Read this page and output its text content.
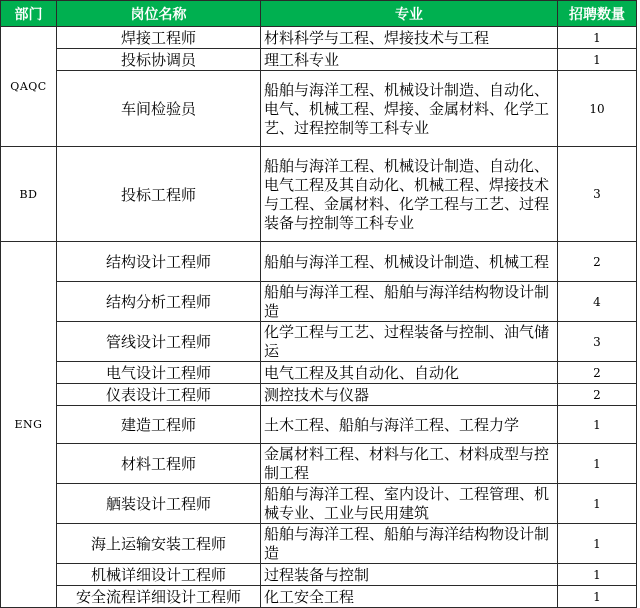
部门	岗位名称	专业	招聘数量
QAQC	焊接工程师	材料科学与工程、焊接技术与工程	1
	投标协调员	理工科专业	1
	车间检验员	船舶与海洋工程、机械设计制造、自动化、电气、机械工程、焊接、金属材料、化学工艺、过程控制等工科专业	10
BD	投标工程师	船舶与海洋工程、机械设计制造、自动化、电气工程及其自动化、机械工程、焊接技术与工程、金属材料、化学工程与工艺、过程装备与控制等工科专业	3
ENG	结构设计工程师	船舶与海洋工程、机械设计制造、机械工程	2
	结构分析工程师	船舶与海洋工程、船舶与海洋结构物设计制造	4
	管线设计工程师	化学工程与工艺、过程装备与控制、油气储运	3
	电气设计工程师	电气工程及其自动化、自动化	2
	仪表设计工程师	测控技术与仪器	2
	建造工程师	土木工程、船舶与海洋工程、工程力学	1
	材料工程师	金属材料工程、材料与化工、材料成型与控制工程	1
	舾装设计工程师	船舶与海洋工程、室内设计、工程管理、机械专业、工业与民用建筑	1
	海上运输安装工程师	船舶与海洋工程、船舶与海洋结构物设计制造	1
	机械详细设计工程师	过程装备与控制	1
	安全流程详细设计工程师	化工安全工程	1
